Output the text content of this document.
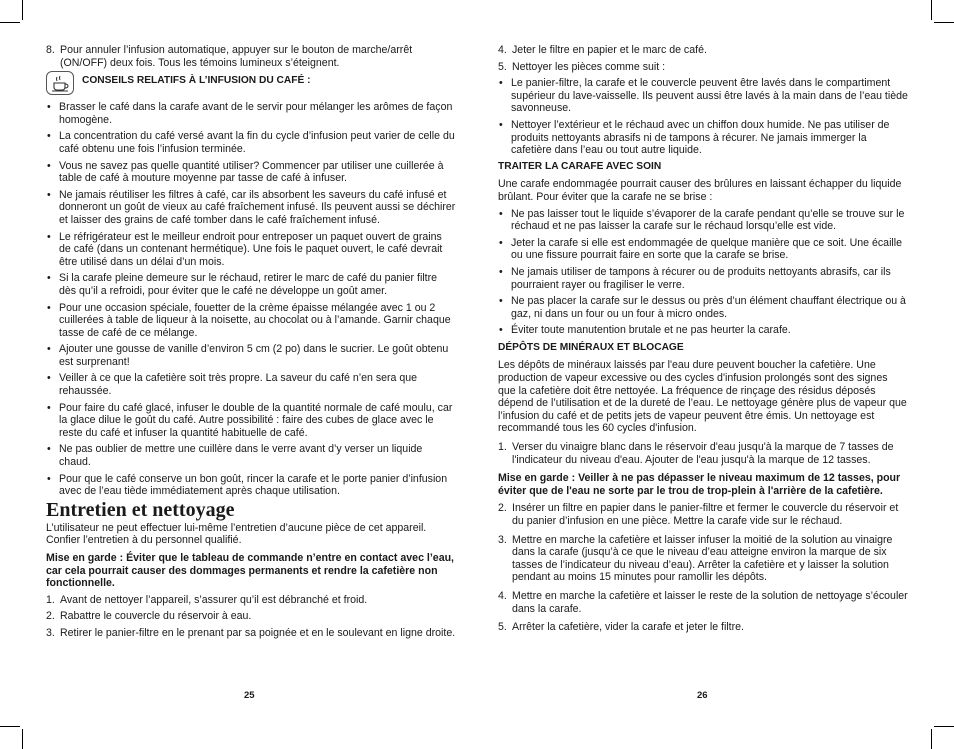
8. Pour annuler l’infusion automatique, appuyer sur le bouton de marche/arrêt (ON/OFF) deux fois. Tous les témoins lumineux s’éteignent.

CONSEILS RELATIFS À L’INFUSION DU CAFÉ :

• Brasser le café dans la carafe avant de le servir pour mélanger les arômes de façon homogène.

• La concentration du café versé avant la fin du cycle d’infusion peut varier de celle du café obtenu une fois l’infusion terminée.

• Vous ne savez pas quelle quantité utiliser? Commencer par utiliser une cuillerée à table de café à mouture moyenne par tasse de café à infuser.

• Ne jamais réutiliser les filtres à café, car ils absorbent les saveurs du café infusé et donneront un goût de vieux au café fraîchement infusé. Ils peuvent aussi se déchirer et laisser des grains de café tomber dans le café fraîchement infusé.

• Le réfrigérateur est le meilleur endroit pour entreposer un paquet ouvert de grains de café (dans un contenant hermétique). Une fois le paquet ouvert, le café devrait être utilisé dans un délai d’un mois.

• Si la carafe pleine demeure sur le réchaud, retirer le marc de café du panier filtre dès qu’il a refroidi, pour éviter que le café ne développe un goût amer.

• Pour une occasion spéciale, fouetter de la crème épaisse mélangée avec 1 ou 2 cuillerées à table de liqueur à la noisette, au chocolat ou à l’amande. Garnir chaque tasse de café de ce mélange.

• Ajouter une gousse de vanille d’environ 5 cm (2 po) dans le sucrier. Le goût obtenu est surprenant!

• Veiller à ce que la cafetière soit très propre. La saveur du café n’en sera que rehaussée.

• Pour faire du café glacé, infuser le double de la quantité normale de café moulu, car la glace dilue le goût du café. Autre possibilité : faire des cubes de glace avec le reste du café et infuser la quantité habituelle de café.

• Ne pas oublier de mettre une cuillère dans le verre avant d’y verser un liquide chaud.

• Pour que le café conserve un bon goût, rincer la carafe et le porte panier d’infusion avec de l’eau tiède immédiatement après chaque utilisation.

Entretien et nettoyage

L’utilisateur ne peut effectuer lui-même l’entretien d’aucune pièce de cet appareil. Confier l’entretien à du personnel qualifié.

Mise en garde : Éviter que le tableau de commande n’entre en contact avec l’eau, car cela pourrait causer des dommages permanents et rendre la cafetière non fonctionnelle.

1. Avant de nettoyer l’appareil, s’assurer qu’il est débranché et froid.

2. Rabattre le couvercle du réservoir à eau.

3. Retirer le panier-filtre en le prenant par sa poignée et en le soulevant en ligne droite.

4. Jeter le filtre en papier et le marc de café.

5. Nettoyer les pièces comme suit :

• Le panier-filtre, la carafe et le couvercle peuvent être lavés dans le compartiment supérieur du lave-vaisselle. Ils peuvent aussi être lavés à la main dans de l’eau tiède savonneuse.

• Nettoyer l’extérieur et le réchaud avec un chiffon doux humide. Ne pas utiliser de produits nettoyants abrasifs ni de tampons à récurer. Ne jamais immerger la cafetière dans l’eau ou tout autre liquide.

TRAITER LA CARAFE AVEC SOIN

Une carafe endommagée pourrait causer des brûlures en laissant échapper du liquide brûlant. Pour éviter que la carafe ne se brise :

• Ne pas laisser tout le liquide s’évaporer de la carafe pendant qu’elle se trouve sur le réchaud et ne pas laisser la carafe sur le réchaud lorsqu’elle est vide.

• Jeter la carafe si elle est endommagée de quelque manière que ce soit. Une écaille ou une fissure pourrait faire en sorte que la carafe se brise.

• Ne jamais utiliser de tampons à récurer ou de produits nettoyants abrasifs, car ils pourraient rayer ou fragiliser le verre.

• Ne pas placer la carafe sur le dessus ou près d’un élément chauffant électrique ou à gaz, ni dans un four ou un four à micro ondes.

• Éviter toute manutention brutale et ne pas heurter la carafe.

DÉPÔTS DE MINÉRAUX ET BLOCAGE

Les dépôts de minéraux laissés par l'eau dure peuvent boucher la cafetière. Une production de vapeur excessive ou des cycles d'infusion prolongés sont des signes que la cafetière doit être nettoyée. La fréquence de rinçage des résidus déposés dépend de l’utilisation et de la dureté de l’eau. Le nettoyage génère plus de vapeur que l’infusion du café et de petits jets de vapeur peuvent être émis. Un nettoyage est recommandé tous les 60 cycles d'infusion.

1. Verser du vinaigre blanc dans le réservoir d'eau jusqu'à la marque de 7 tasses de l'indicateur du niveau d'eau. Ajouter de l'eau jusqu'à la marque de 12 tasses.

Mise en garde : Veiller à ne pas dépasser le niveau maximum de 12 tasses, pour éviter que de l'eau ne sorte par le trou de trop-plein à l'arrière de la cafetière.

2. Insérer un filtre en papier dans le panier-filtre et fermer le couvercle du réservoir et du panier d’infusion en une pièce. Mettre la carafe vide sur le réchaud.

3. Mettre en marche la cafetière et laisser infuser la moitié de la solution au vinaigre dans la carafe (jusqu’à ce que le niveau d’eau atteigne environ la marque de six tasses de l’indicateur du niveau d’eau). Arrêter la cafetière et y laisser la solution pendant au moins 15 minutes pour ramollir les dépôts.

4. Mettre en marche la cafetière et laisser le reste de la solution de nettoyage s’écouler dans la carafe.

5. Arrêter la cafetière, vider la carafe et jeter le filtre.

25	26
